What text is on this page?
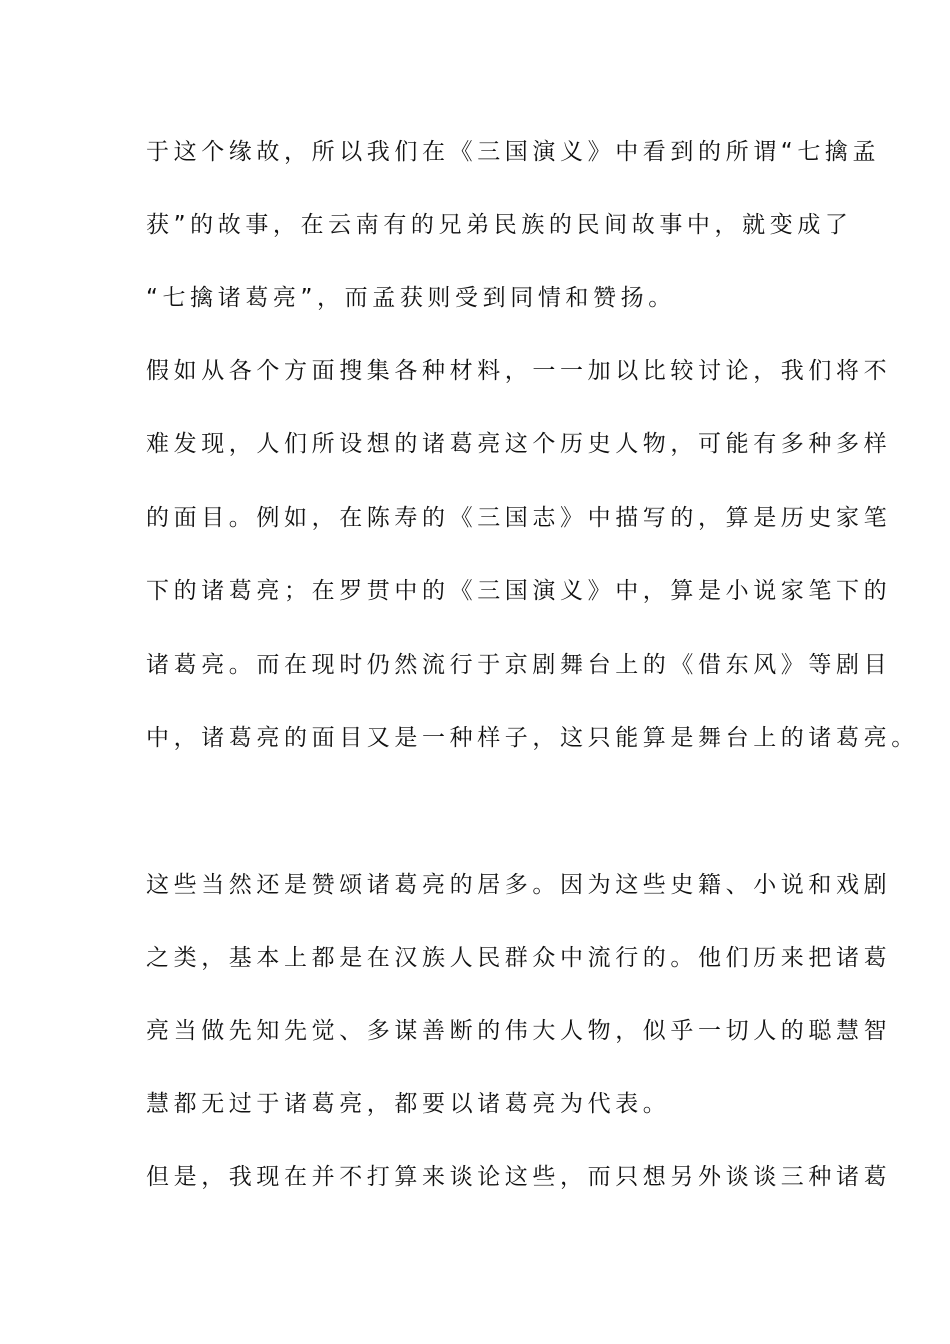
于这个缘故，所以我们在《三国演义》中看到的所谓“七擒孟
获”的故事，在云南有的兄弟民族的民间故事中，就变成了
“七擒诸葛亮”，而孟获则受到同情和赞扬。
假如从各个方面搜集各种材料，一一加以比较讨论，我们将不
难发现，人们所设想的诸葛亮这个历史人物，可能有多种多样
的面目。例如，在陈寿的《三国志》中描写的，算是历史家笔
下的诸葛亮；在罗贯中的《三国演义》中，算是小说家笔下的
诸葛亮。而在现时仍然流行于京剧舞台上的《借东风》等剧目
中，诸葛亮的面目又是一种样子，这只能算是舞台上的诸葛亮。
这些当然还是赞颂诸葛亮的居多。因为这些史籍、小说和戏剧
之类，基本上都是在汉族人民群众中流行的。他们历来把诸葛
亮当做先知先觉、多谋善断的伟大人物，似乎一切人的聪慧智
慧都无过于诸葛亮，都要以诸葛亮为代表。
但是，我现在并不打算来谈论这些，而只想另外谈谈三种诸葛
